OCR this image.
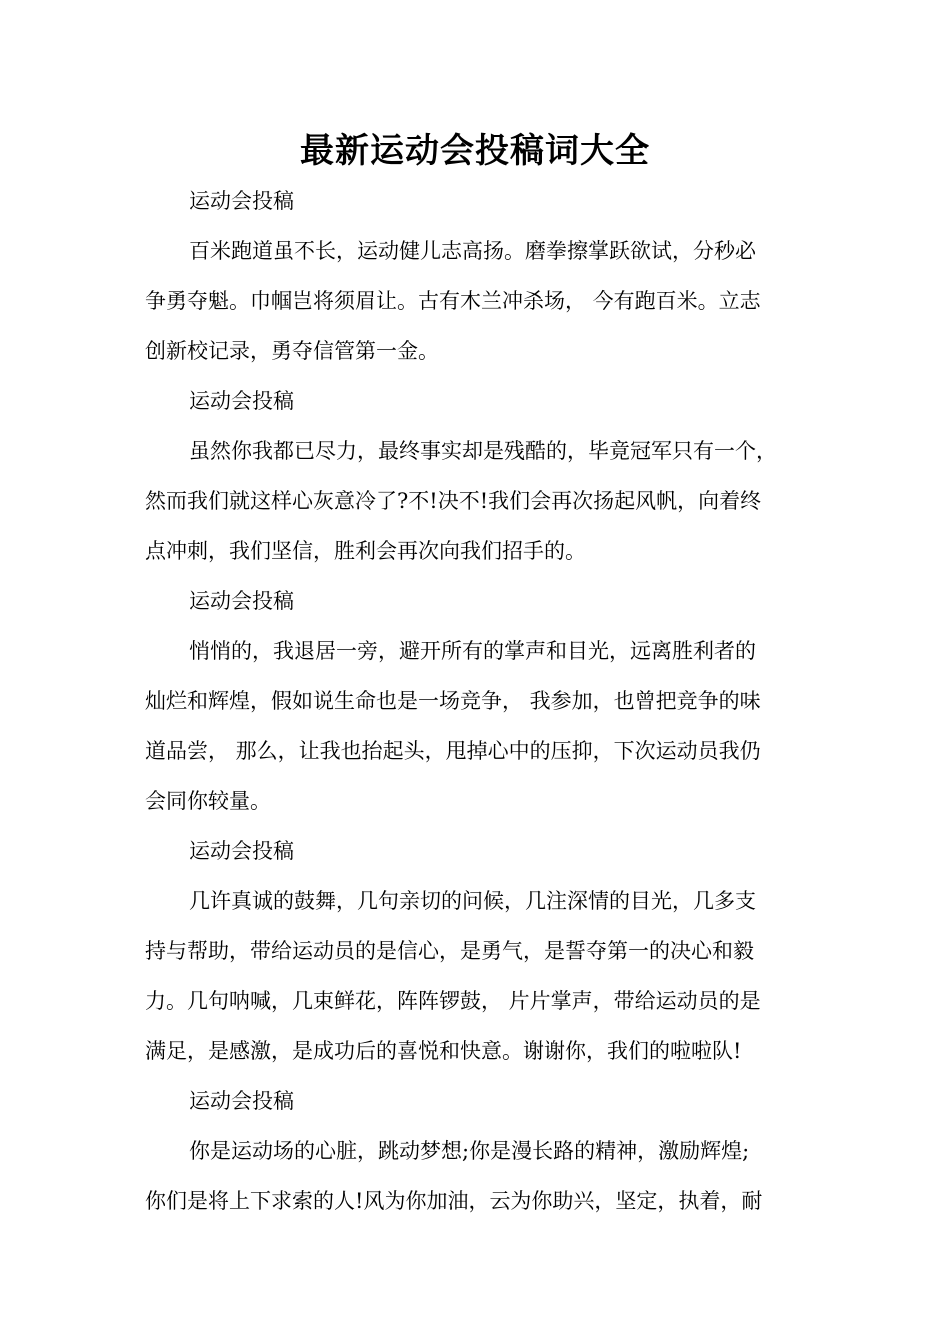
最新运动会投稿词大全
运动会投稿
百米跑道虽不长，运动健儿志高扬。磨拳擦掌跃欲试，分秒必
争勇夺魁。巾帼岂将须眉让。古有木兰冲杀场， 今有跑百米。立志
创新校记录，勇夺信管第一金。
运动会投稿
虽然你我都已尽力，最终事实却是残酷的，毕竟冠军只有一个，
然而我们就这样心灰意冷了?不!决不!我们会再次扬起风帆，向着终
点冲刺，我们坚信，胜利会再次向我们招手的。
运动会投稿
悄悄的，我退居一旁，避开所有的掌声和目光，远离胜利者的
灿烂和辉煌，假如说生命也是一场竞争， 我参加，也曾把竞争的味
道品尝， 那么，让我也抬起头，甩掉心中的压抑，下次运动员我仍
会同你较量。
运动会投稿
几许真诚的鼓舞，几句亲切的问候，几注深情的目光，几多支
持与帮助，带给运动员的是信心，是勇气，是誓夺第一的决心和毅
力。几句呐喊，几束鲜花，阵阵锣鼓， 片片掌声，带给运动员的是
满足，是感激，是成功后的喜悦和快意。谢谢你，我们的啦啦队!
运动会投稿
你是运动场的心脏，跳动梦想;你是漫长路的精神，激励辉煌;
你们是将上下求索的人!风为你加油，云为你助兴，坚定，执着，耐
